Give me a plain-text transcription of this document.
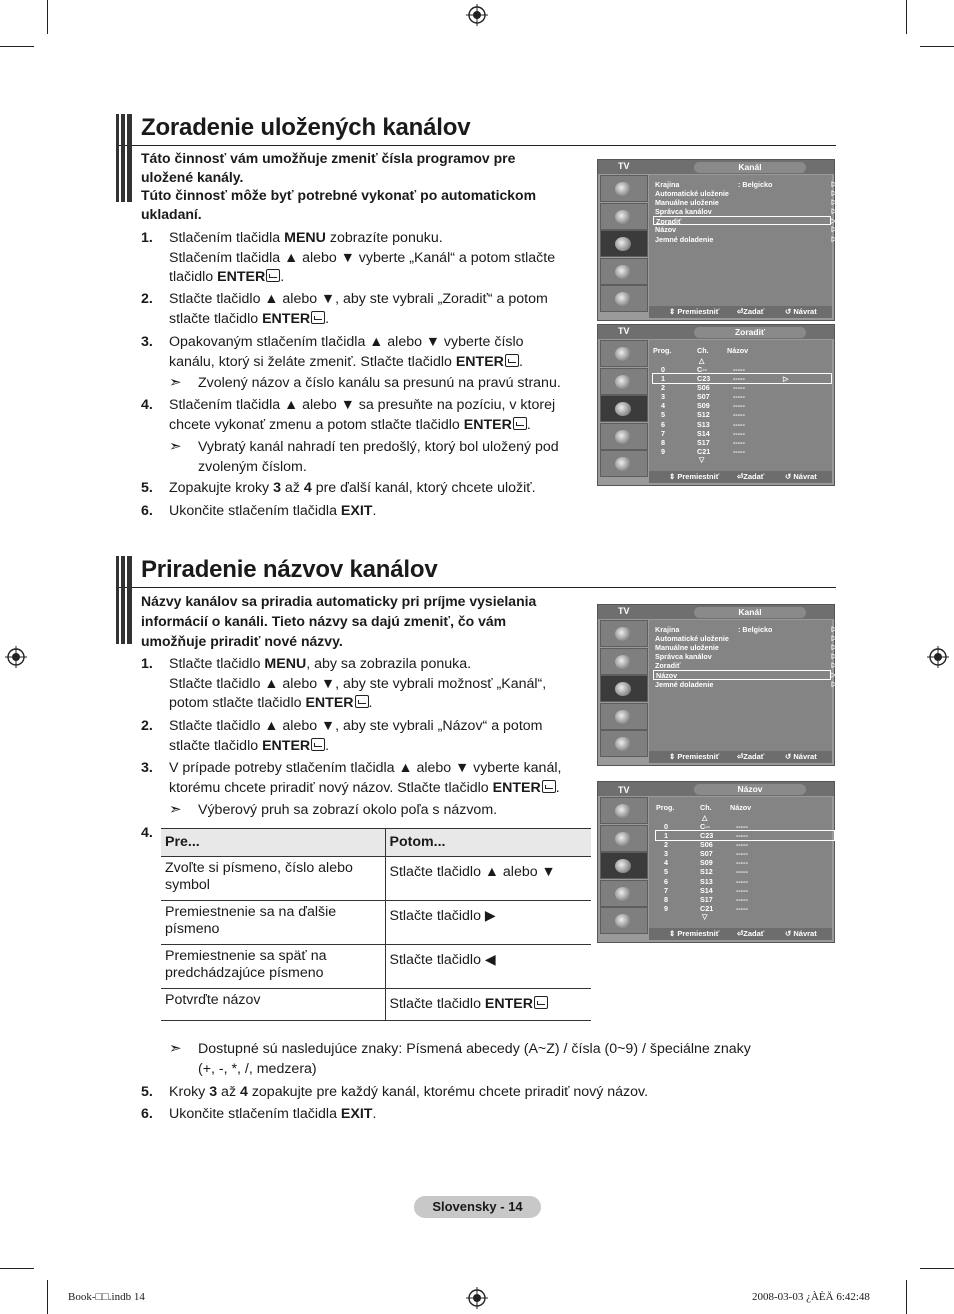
Zoradenie uložených kanálov
Táto činnosť vám umožňuje zmeniť čísla programov pre
uložené kanály.
Túto činnosť môže byť potrebné vykonať po automatickom
ukladaní.
1. Stlačením tlačidla MENU zobrazíte ponuku.
Stlačením tlačidla ▲ alebo ▼ vyberte „Kanál“ a potom stlačte
tlačidlo ENTER .
2. Stlačte tlačidlo ▲ alebo ▼, aby ste vybrali „Zoradiť“ a potom
stlačte tlačidlo ENTER .
3. Opakovaným stlačením tlačidla ▲ alebo ▼ vyberte číslo
kanálu, ktorý si želáte zmeniť. Stlačte tlačidlo ENTER .
➣ Zvolený názov a číslo kanálu sa presunú na pravú stranu.
4. Stlačením tlačidla ▲ alebo ▼ sa presuňte na pozíciu, v ktorej
chcete vykonať zmenu a potom stlačte tlačidlo ENTER .
➣ Vybratý kanál nahradí ten predošlý, ktorý bol uložený pod
zvoleným číslom.
5. Zopakujte kroky 3 až 4 pre ďalší kanál, ktorý chcete uložiť.
6. Ukončite stlačením tlačidla EXIT.
TV	Kanál
Krajina	: Belgicko	▷
Automatické uloženie	▷
Manuálne uloženie	▷
Správca kanálov	▷
Zoradiť	▷
Názov	▷
Jemné doladenie	▷
⇕ Premiestniť ⏎Zadať	↺ Návrat
TV	Zoradiť
Prog.	Ch.	Názov
△
0	C--	-----
1	C23	-----	▷
2	S06	-----
3	S07	-----
4	S09	-----
5	S12	-----
6	S13	-----
7	S14	-----
8	S17	-----
9	C21	-----
▽
⇕ Premiestniť ⏎Zadať	↺ Návrat
Priradenie názvov kanálov
Názvy kanálov sa priradia automaticky pri príjme vysielania
informácií o kanáli. Tieto názvy sa dajú zmeniť, čo vám
umožňuje priradiť nové názvy.
1. Stlačte tlačidlo MENU, aby sa zobrazila ponuka.
Stlačte tlačidlo ▲ alebo ▼, aby ste vybrali možnosť „Kanál“,
potom stlačte tlačidlo ENTER .
2. Stlačte tlačidlo ▲ alebo ▼, aby ste vybrali „Názov“ a potom
stlačte tlačidlo ENTER .
3. V prípade potreby stlačením tlačidla ▲ alebo ▼ vyberte kanál,
ktorému chcete priradiť nový názov. Stlačte tlačidlo ENTER .
➣ Výberový pruh sa zobrazí okolo poľa s názvom.
4.
Pre...	Potom...
Zvoľte si písmeno, číslo alebo symbol	Stlačte tlačidlo ▲ alebo ▼
Premiestnenie sa na ďalšie písmeno	Stlačte tlačidlo ▶
Premiestnenie sa späť na predchádzajúce písmeno	Stlačte tlačidlo ◀
Potvrďte názov	Stlačte tlačidlo ENTER
➣ Dostupné sú nasledujúce znaky: Písmená abecedy (A~Z) / čísla (0~9) / špeciálne znaky
(+, -, *, /, medzera)
5. Kroky 3 až 4 zopakujte pre každý kanál, ktorému chcete priradiť nový názov.
6. Ukončite stlačením tlačidla EXIT.
TV	Kanál
Krajina	: Belgicko	▷
Automatické uloženie	▷
Manuálne uloženie	▷
Správca kanálov	▷
Zoradiť	▷
Názov	▷
Jemné doladenie	▷
⇕ Premiestniť ⏎Zadať	↺ Návrat
TV	Názov
Prog.	Ch.	Názov
△
0	C--	-----
1	C23	-----
2	S06	-----
3	S07	-----
4	S09	-----
5	S12	-----
6	S13	-----
7	S14	-----
8	S17	-----
9	C21	-----
▽
⇕ Premiestniť ⏎Zadať	↺ Návrat
Slovensky - 14
Book-□□.indb 14	2008-03-03 ¿ÀÈÄ 6:42:48
